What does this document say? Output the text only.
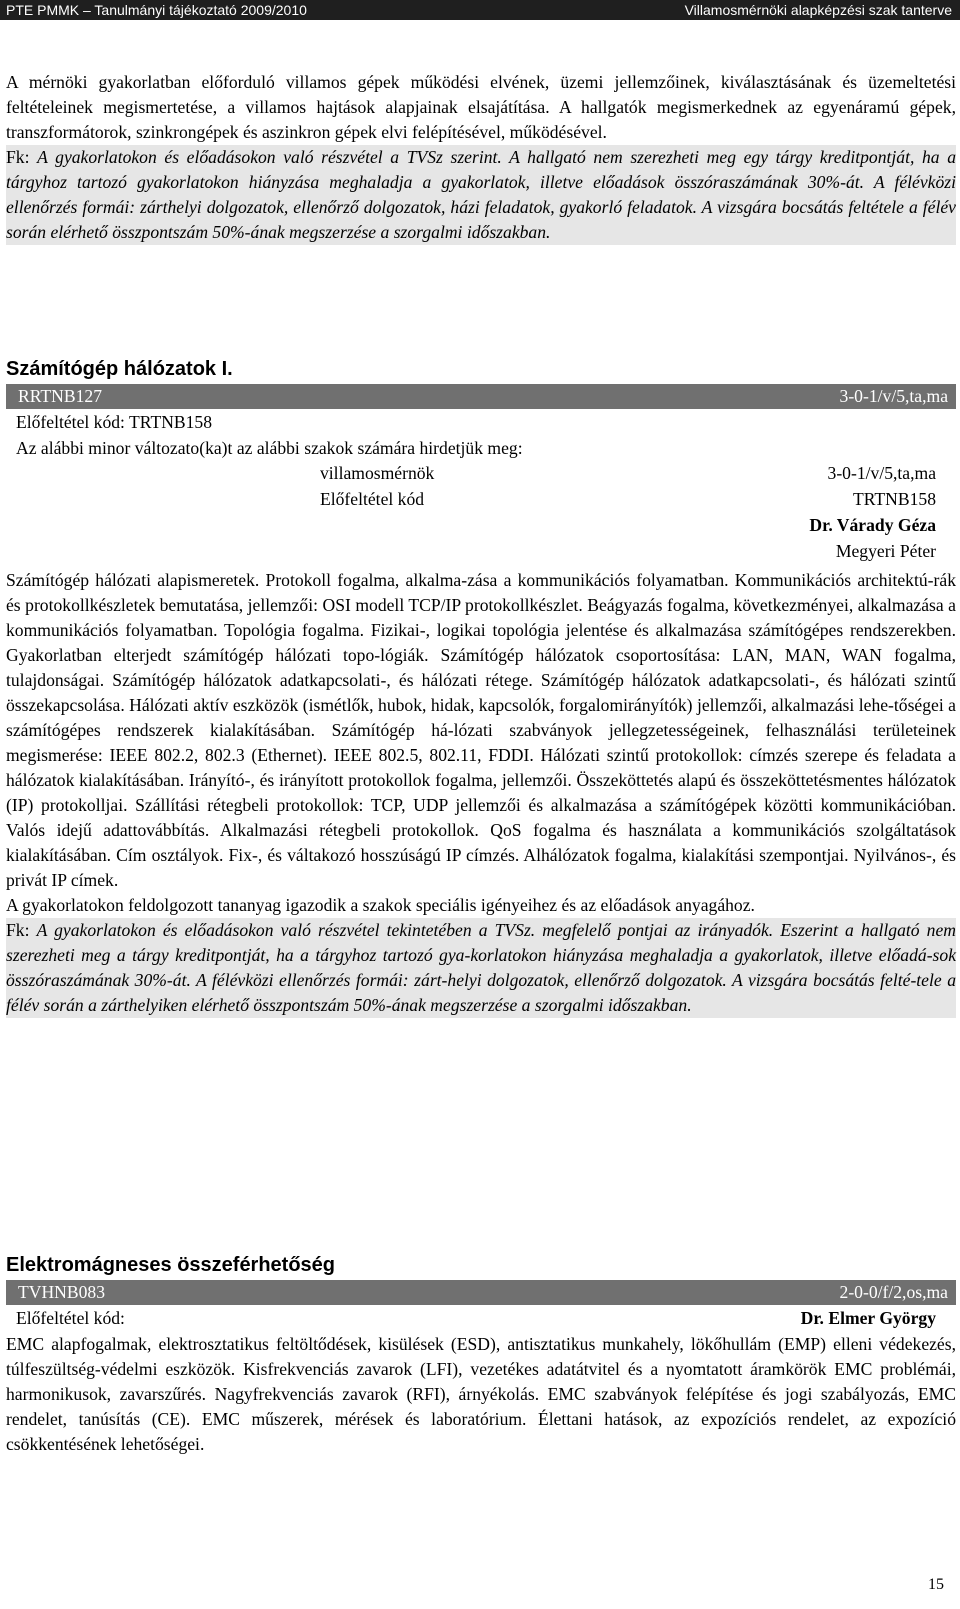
PTE PMMK – Tanulmányi tájékoztató 2009/2010	Villamosmérnöki alapképzési szak tanterve

A mérnöki gyakorlatban előforduló villamos gépek működési elvének, üzemi jellemzőinek, kiválasztásának és üzemeltetési feltételeinek megismertetése, a villamos hajtások alapjainak elsajátítása. A hallgatók megismerkednek az egyenáramú gépek, transzformátorok, szinkrongépek és aszinkron gépek elvi felépítésével, működésével.

Fk: A gyakorlatokon és előadásokon való részvétel a TVSz szerint. A hallgató nem szerezheti meg egy tárgy kreditpontját, ha a tárgyhoz tartozó gyakorlatokon hiányzása meghaladja a gyakorlatok, illetve előadások összóraszámának 30%-át. A félévközi ellenőrzés formái: zárthelyi dolgozatok, ellenőrző dolgozatok, házi feladatok, gyakorló feladatok. A vizsgára bocsátás feltétele a félév során elérhető összpontszám 50%-ának megszerzése a szorgalmi időszakban.

Számítógép hálózatok I.
RRTNB127	3-0-1/v/5,ta,ma
Előfeltétel kód: TRTNB158
Az alábbi minor változato(ka)t az alábbi szakok számára hirdetjük meg:
villamosmérnök	3-0-1/v/5,ta,ma
Előfeltétel kód	TRTNB158
Dr. Várady Géza
Megyeri Péter

Számítógép hálózati alapismeretek. Protokoll fogalma, alkalma-zása a kommunikációs folyamatban. Kommunikációs architektú-rák és protokollkészletek bemutatása, jellemzői: OSI modell TCP/IP protokollkészlet. Beágyazás fogalma, következményei, alkalmazása a kommunikációs folyamatban. Topológia fogalma. Fizikai-, logikai topológia jelentése és alkalmazása számítógépes rendszerekben. Gyakorlatban elterjedt számítógép hálózati topo-lógiák. Számítógép hálózatok csoportosítása: LAN, MAN, WAN fogalma, tulajdonságai. Számítógép hálózatok adatkapcsolati-, és hálózati rétege. Számítógép hálózatok adatkapcsolati-, és hálózati szintű összekapcsolása. Hálózati aktív eszközök (ismétlők, hubok, hidak, kapcsolók, forgalomirányítók) jellemzői, alkalmazási lehe-tőségei a számítógépes rendszerek kialakításában. Számítógép há-lózati szabványok jellegzetességeinek, felhasználási területeinek megismerése: IEEE 802.2, 802.3 (Ethernet). IEEE 802.5, 802.11, FDDI. Hálózati szintű protokollok: címzés szerepe és feladata a hálózatok kialakításában. Irányító-, és irányított protokollok fogalma, jellemzői. Összeköttetés alapú és összeköttetésmentes hálózatok (IP) protokolljai. Szállítási rétegbeli protokollok: TCP, UDP jellemzői és alkalmazása a számítógépek közötti kommunikációban. Valós idejű adattovábbítás. Alkalmazási rétegbeli protokollok. QoS fogalma és használata a kommunikációs szolgáltatások kialakításában. Cím osztályok. Fix-, és váltakozó hosszúságú IP címzés. Alhálózatok fogalma, kialakítási szempontjai. Nyilvános-, és privát IP címek.

A gyakorlatokon feldolgozott tananyag igazodik a szakok speciális igényeihez és az előadások anyagához.

Fk: A gyakorlatokon és előadásokon való részvétel tekintetében a TVSz. megfelelő pontjai az irányadók. Eszerint a hallgató nem szerezheti meg a tárgy kreditpontját, ha a tárgyhoz tartozó gya-korlatokon hiányzása meghaladja a gyakorlatok, illetve előadá-sok összóraszámának 30%-át. A félévközi ellenőrzés formái: zárt-helyi dolgozatok, ellenőrző dolgozatok. A vizsgára bocsátás felté-tele a félév során a zárthelyiken elérhető összpontszám 50%-ának megszerzése a szorgalmi időszakban.

Elektromágneses összeférhetőség
TVHNB083	2-0-0/f/2,os,ma
Előfeltétel kód:	Dr. Elmer György

EMC alapfogalmak, elektrosztatikus feltöltődések, kisülések (ESD), antisztatikus munkahely, lökőhullám (EMP) elleni védekezés, túlfeszültség-védelmi eszközök. Kisfrekvenciás zavarok (LFI), vezetékes adatátvitel és a nyomtatott áramkörök EMC problémái, harmonikusok, zavarszűrés. Nagyfrekvenciás zavarok (RFI), árnyékolás. EMC szabványok felépítése és jogi szabályozás, EMC rendelet, tanúsítás (CE). EMC műszerek, mérések és laboratórium. Élettani hatások, az expozíciós rendelet, az expozíció csökkentésének lehetőségei.

15
